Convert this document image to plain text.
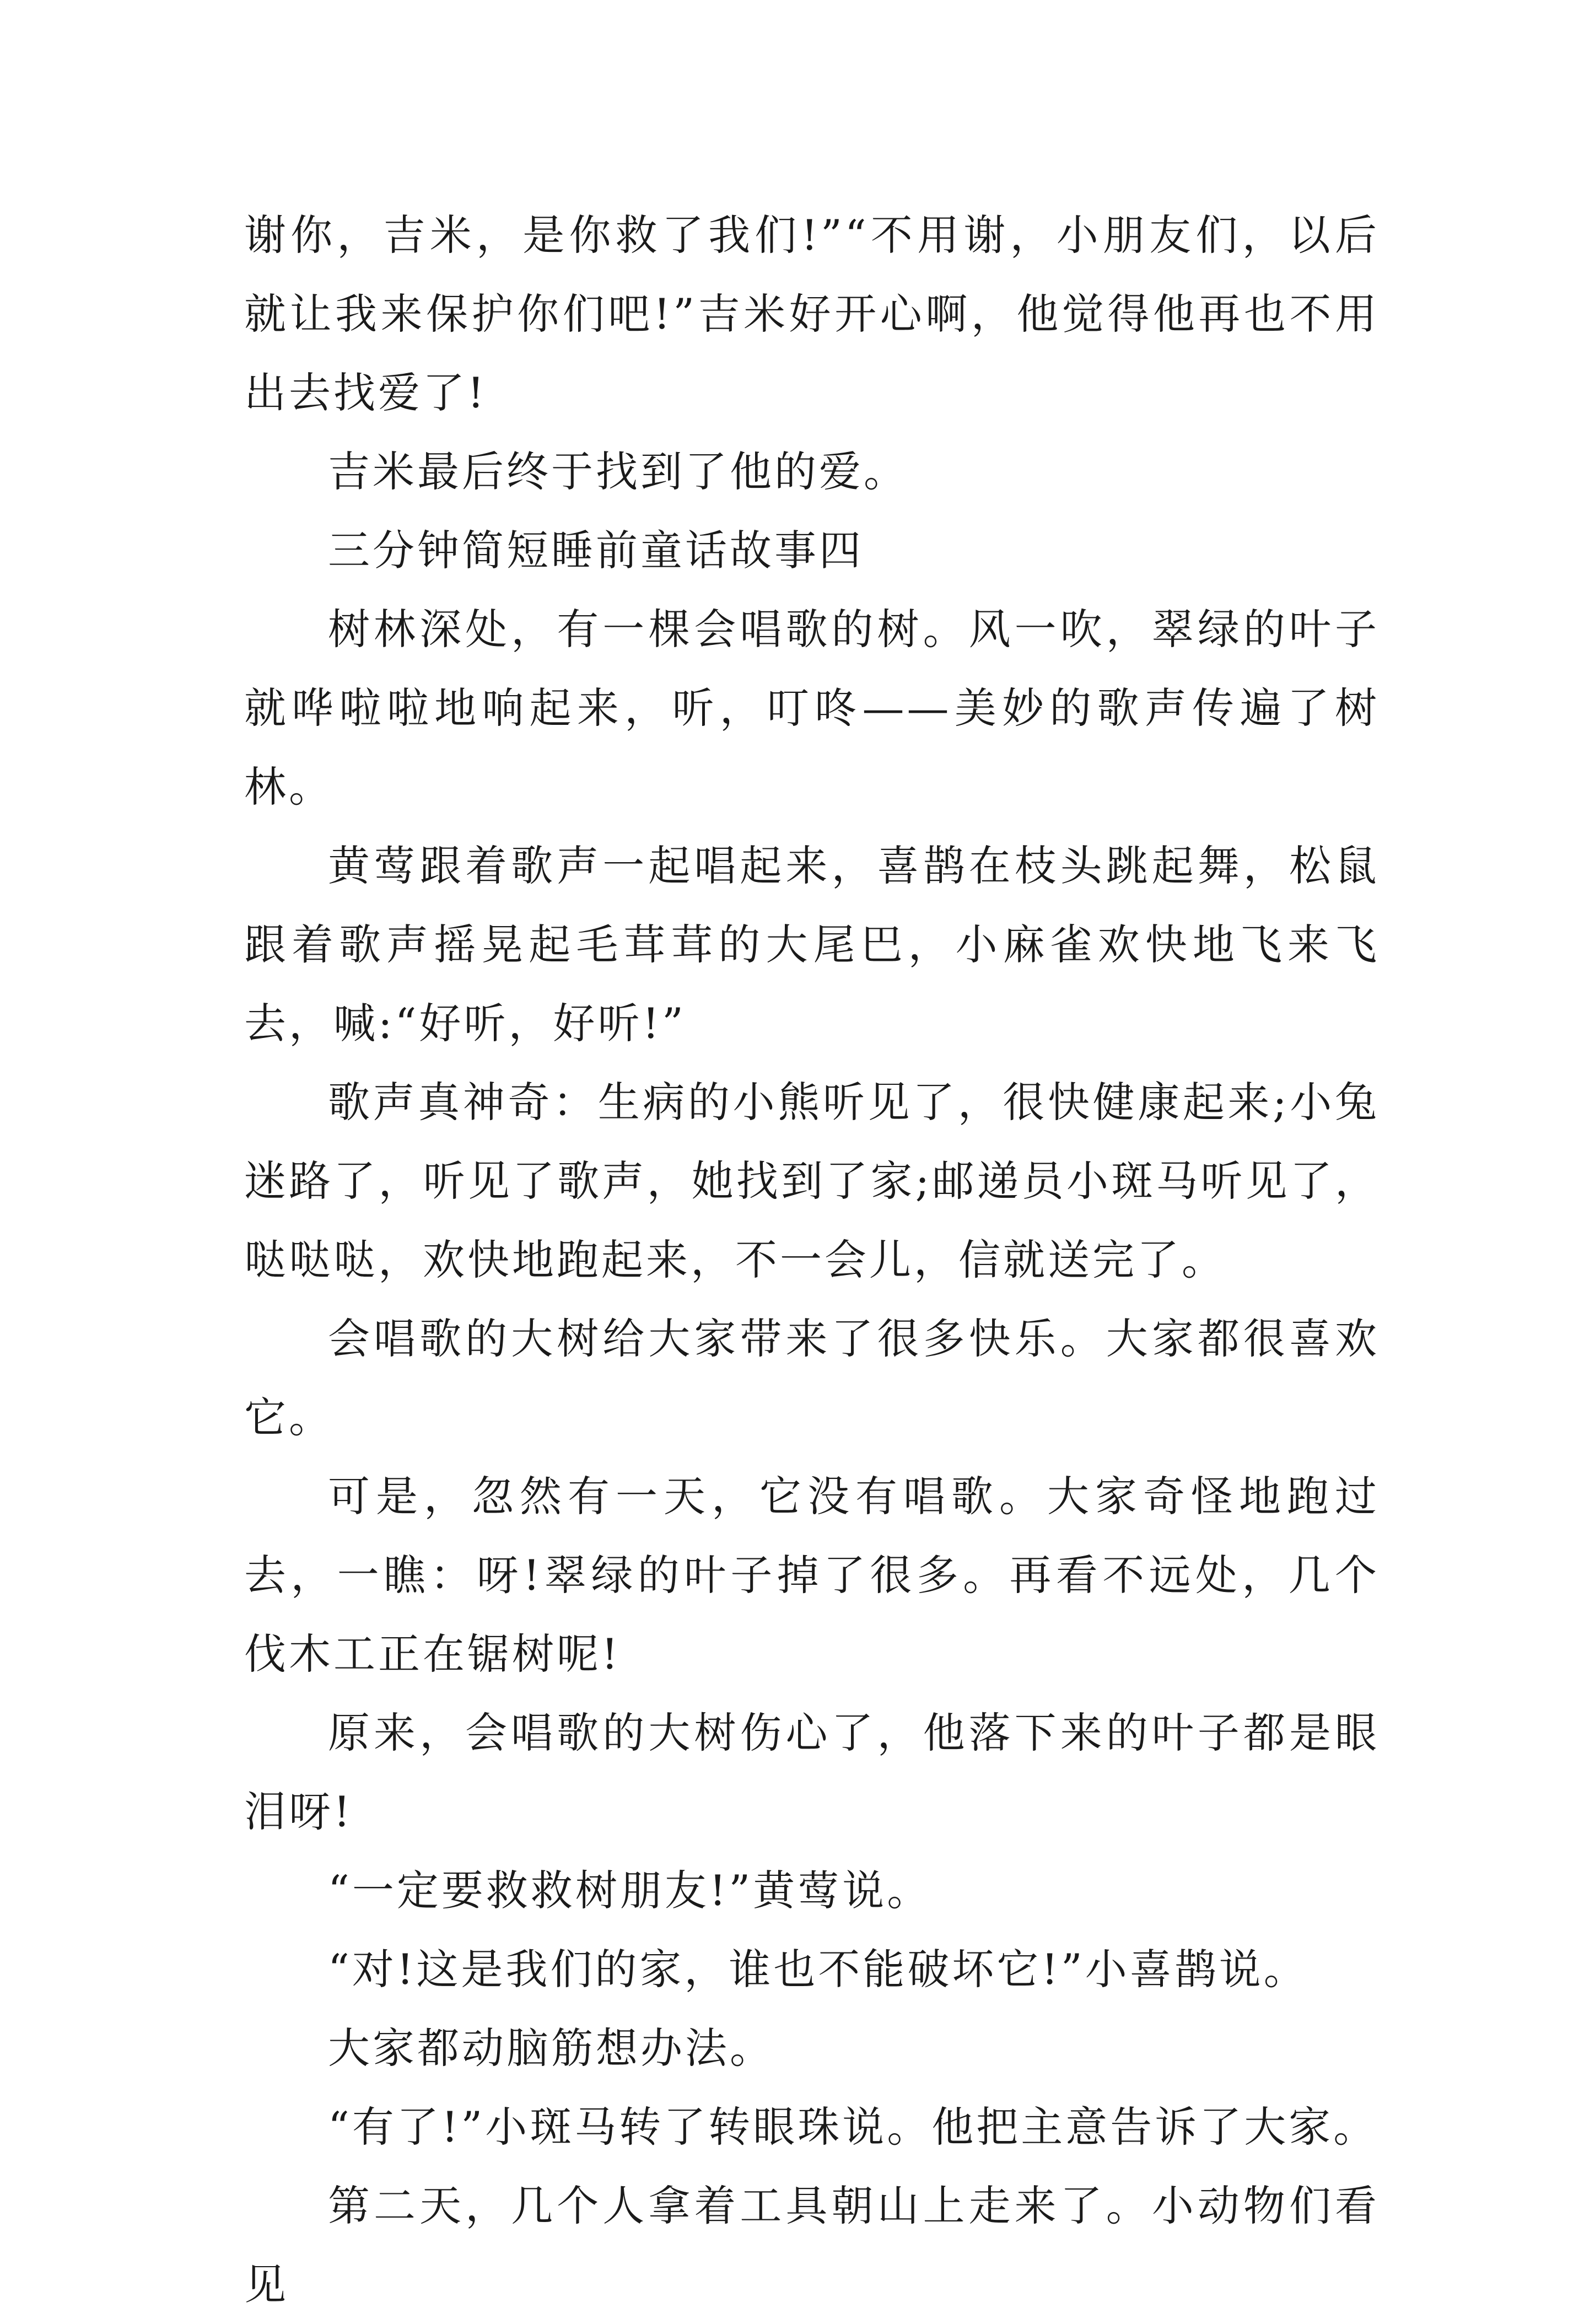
谢你，吉米，是你救了我们!”“不用谢，小朋友们，以后就让我来保护你们吧!”吉米好开心啊，他觉得他再也不用出去找爱了!

吉米最后终于找到了他的爱。

三分钟简短睡前童话故事四

树林深处，有一棵会唱歌的树。风一吹，翠绿的叶子就哗啦啦地响起来，听，叮咚——美妙的歌声传遍了树林。

黄莺跟着歌声一起唱起来，喜鹊在枝头跳起舞，松鼠跟着歌声摇晃起毛茸茸的大尾巴，小麻雀欢快地飞来飞去，喊:“好听，好听!”

歌声真神奇：生病的小熊听见了，很快健康起来;小兔迷路了，听见了歌声，她找到了家;邮递员小斑马听见了，哒哒哒，欢快地跑起来，不一会儿，信就送完了。

会唱歌的大树给大家带来了很多快乐。大家都很喜欢它。

可是，忽然有一天，它没有唱歌。大家奇怪地跑过去，一瞧：呀!翠绿的叶子掉了很多。再看不远处，几个伐木工正在锯树呢!

原来，会唱歌的大树伤心了，他落下来的叶子都是眼泪呀!

“一定要救救树朋友!”黄莺说。

“对!这是我们的家，谁也不能破坏它!”小喜鹊说。

大家都动脑筋想办法。

“有了!”小斑马转了转眼珠说。他把主意告诉了大家。

第二天，几个人拿着工具朝山上走来了。小动物们看见
